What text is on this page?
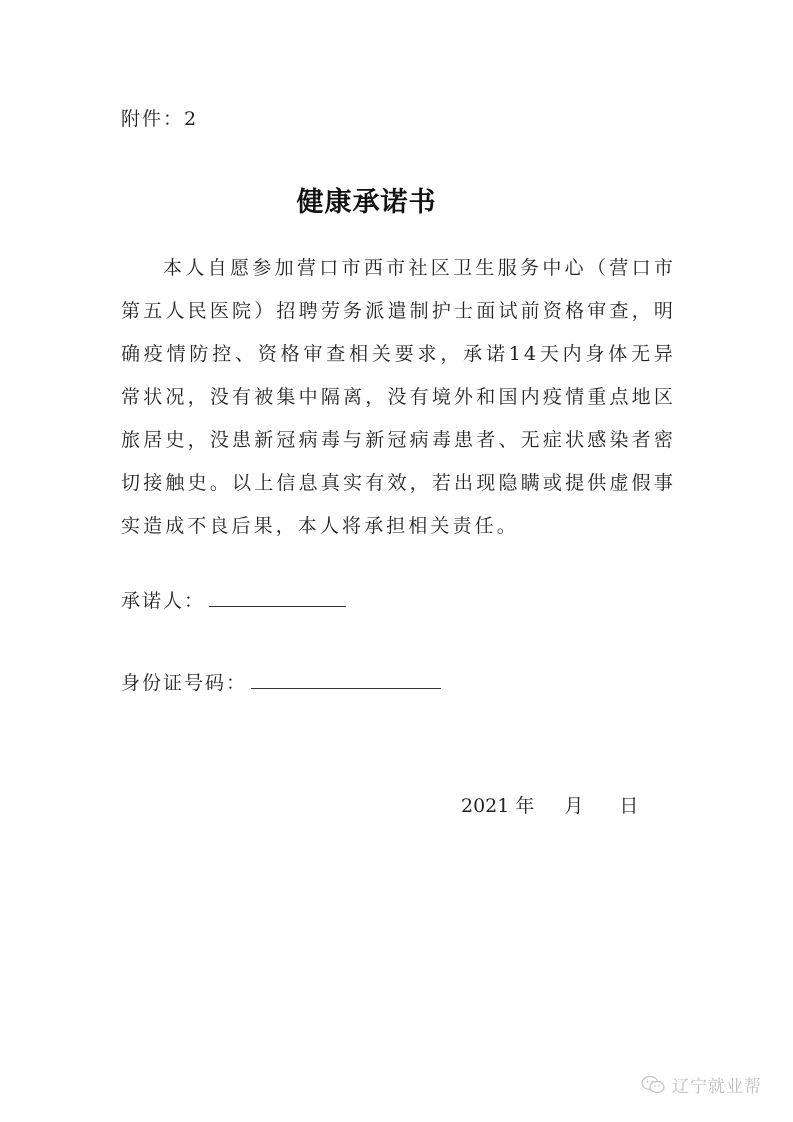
附件：2
健康承诺书
本人自愿参加营口市西市社区卫生服务中心（营口市第五人民医院）招聘劳务派遣制护士面试前资格审查，明确疫情防控、资格审查相关要求，承诺14天内身体无异常状况，没有被集中隔离，没有境外和国内疫情重点地区旅居史，没患新冠病毒与新冠病毒患者、无症状感染者密切接触史。以上信息真实有效，若出现隐瞒或提供虚假事实造成不良后果，本人将承担相关责任。
承诺人：
身份证号码：
2021 年 月 日
辽宁就业帮
